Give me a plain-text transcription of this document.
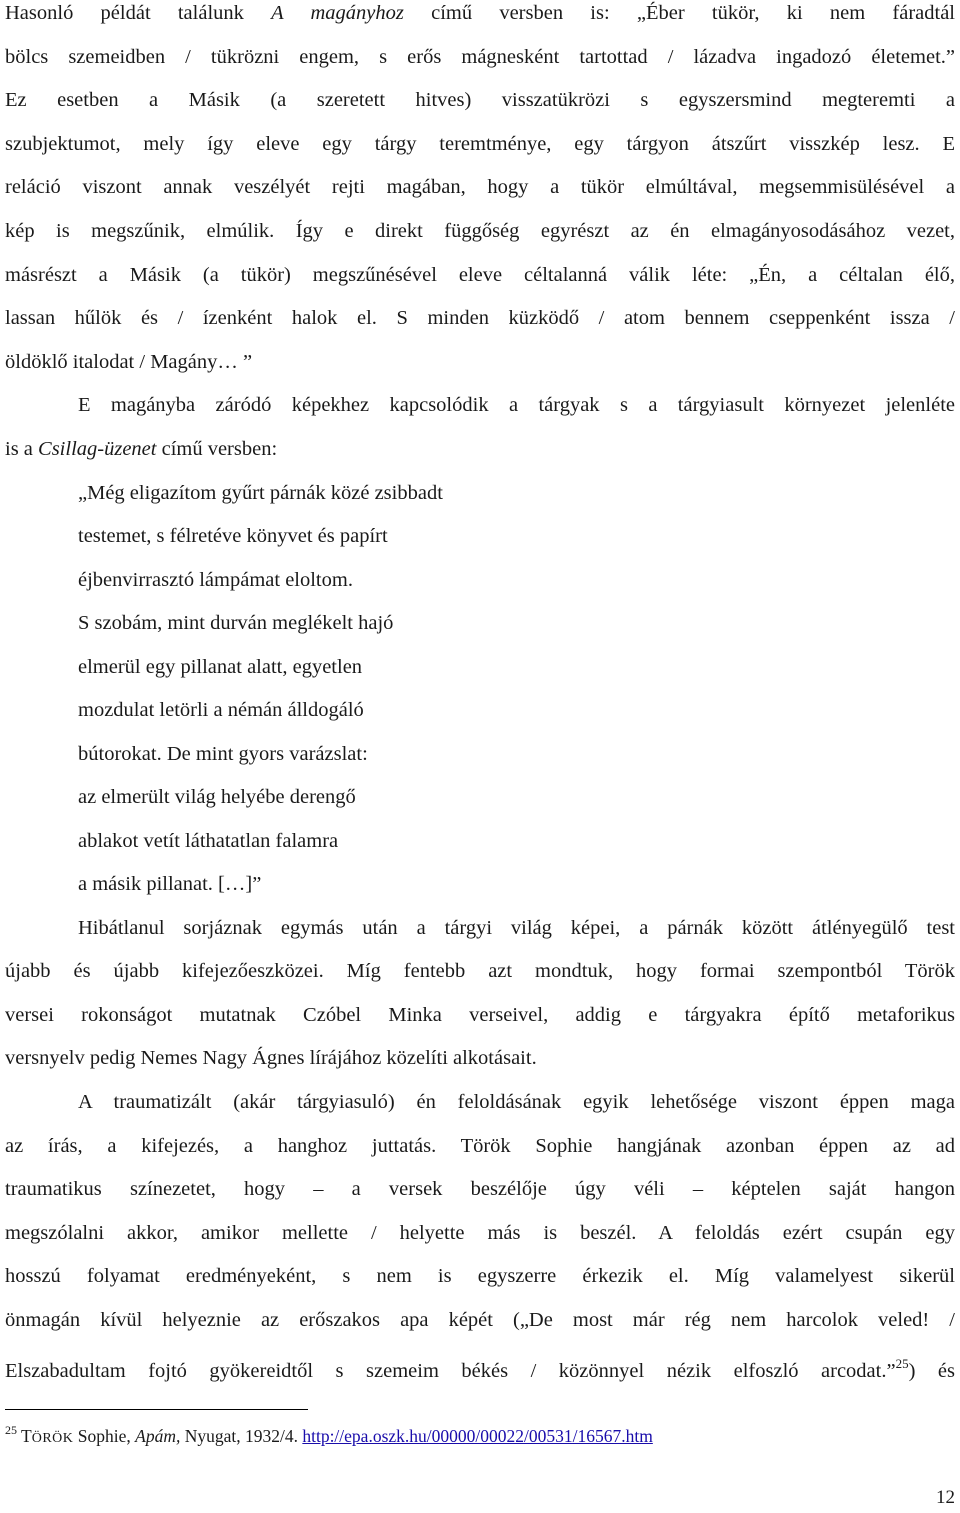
Hasonló példát találunk A magányhoz című versben is: „Éber tükör, ki nem fáradtál

bölcs szemeidben / tükrözni engem, s erős mágnesként tartottad / lázadva ingadozó életemet.”

Ez esetben a Másik (a szeretett hitves) visszatükrözi s egyszersmind megteremti a

szubjektumot, mely így eleve egy tárgy teremtménye, egy tárgyon átszűrt visszkép lesz. E

reláció viszont annak veszélyét rejti magában, hogy a tükör elmúltával, megsemmisülésével a

kép is megszűnik, elmúlik. Így e direkt függőség egyrészt az én elmagányosodásához vezet,

másrészt a Másik (a tükör) megszűnésével eleve céltalanná válik léte: „Én, a céltalan élő,

lassan hűlök és / ízenként halok el. S minden küzködő / atom bennem cseppenként issza /

öldöklő italodat / Magány… ”

E magányba záródó képekhez kapcsolódik a tárgyak s a tárgyiasult környezet jelenléte

is a Csillag-üzenet című versben:

„Még eligazítom gyűrt párnák közé zsibbadt
testemet, s félretéve könyvet és papírt
éjbenvirrasztó lámpámat eloltom.
S szobám, mint durván meglékelt hajó
elmerül egy pillanat alatt, egyetlen
mozdulat letörli a némán álldogáló
bútorokat. De mint gyors varázslat:
az elmerült világ helyébe derengő
ablakot vetít láthatatlan falamra
a másik pillanat. […]”

Hibátlanul sorjáznak egymás után a tárgyi világ képei, a párnák között átlényegülő test

újabb és újabb kifejezőeszközei. Míg fentebb azt mondtuk, hogy formai szempontból Török

versei rokonságot mutatnak Czóbel Minka verseivel, addig e tárgyakra építő metaforikus

versnyelv pedig Nemes Nagy Ágnes lírájához közelíti alkotásait.

A traumatizált (akár tárgyiasuló) én feloldásának egyik lehetősége viszont éppen maga

az írás, a kifejezés, a hanghoz juttatás. Török Sophie hangjának azonban éppen az ad

traumatikus színezetet, hogy – a versek beszélője úgy véli – képtelen saját hangon

megszólalni akkor, amikor mellette / helyette más is beszél. A feloldás ezért csupán egy

hosszú folyamat eredményeként, s nem is egyszerre érkezik el. Míg valamelyest sikerül

önmagán kívül helyeznie az erőszakos apa képét („De most már rég nem harcolok veled! /

Elszabadultam fojtó gyökereidtől s szemeim békés / közönnyel nézik elfoszló arcodat.”$^{25}$) és

$^{25}$ TÖRÖK Sophie, Apám, Nyugat, 1932/4. http://epa.oszk.hu/00000/00022/00531/16567.htm
12
